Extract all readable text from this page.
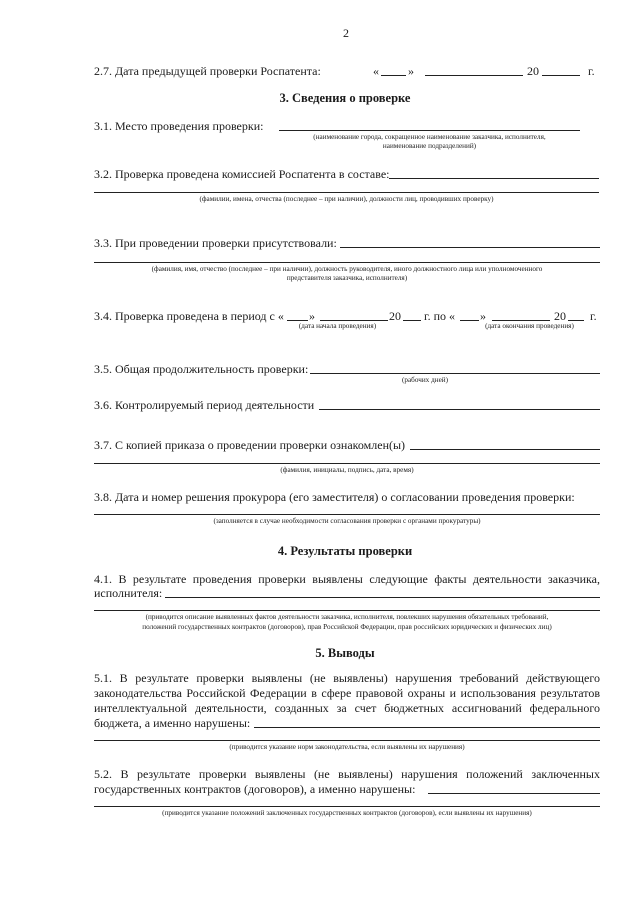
2
2.7. Дата предыдущей проверки Роспатента:	« »	20	г.
3. Сведения о проверке
3.1. Место проведения проверки:
(наименование города, сокращенное наименование заказчика, исполнителя,
наименование подразделений)
3.2. Проверка проведена комиссией Роспатента в составе:
(фамилии, имена, отчества (последнее – при наличии), должности лиц, проводивших проверку)
3.3. При проведении проверки присутствовали:
(фамилия, имя, отчество (последнее – при наличии), должность руководителя, иного должностного лица или уполномоченного
представителя заказчика, исполнителя)
3.4. Проверка проведена в период с « »	20 г. по « »	20 г.
(дата начала проведения)	(дата окончания проведения)
3.5. Общая продолжительность проверки:
(рабочих дней)
3.6. Контролируемый период деятельности
3.7. С копией приказа о проведении проверки ознакомлен(ы)
(фамилия, инициалы, подпись, дата, время)
3.8. Дата и номер решения прокурора (его заместителя) о согласовании проведения проверки:
(заполняется в случае необходимости согласования проверки с органами прокуратуры)
4. Результаты проверки
4.1. В результате проведения проверки выявлены следующие факты деятельности заказчика,
исполнителя:
(приводится описание выявленных фактов деятельности заказчика, исполнителя, повлекших нарушения обязательных требований,
положений государственных контрактов (договоров), прав Российской Федерации, прав российских юридических и физических лиц)
5. Выводы
5.1. В результате проверки выявлены (не выявлены) нарушения требований действующего
законодательства Российской Федерации в сфере правовой охраны и использования результатов
интеллектуальной деятельности, созданных за счет бюджетных ассигнований федерального
бюджета, а именно нарушены:
(приводится указание норм законодательства, если выявлены их нарушения)
5.2. В результате проверки выявлены (не выявлены) нарушения положений заключенных
государственных контрактов (договоров), а именно нарушены:
(приводится указание положений заключенных государственных контрактов (договоров), если выявлены их нарушения)
